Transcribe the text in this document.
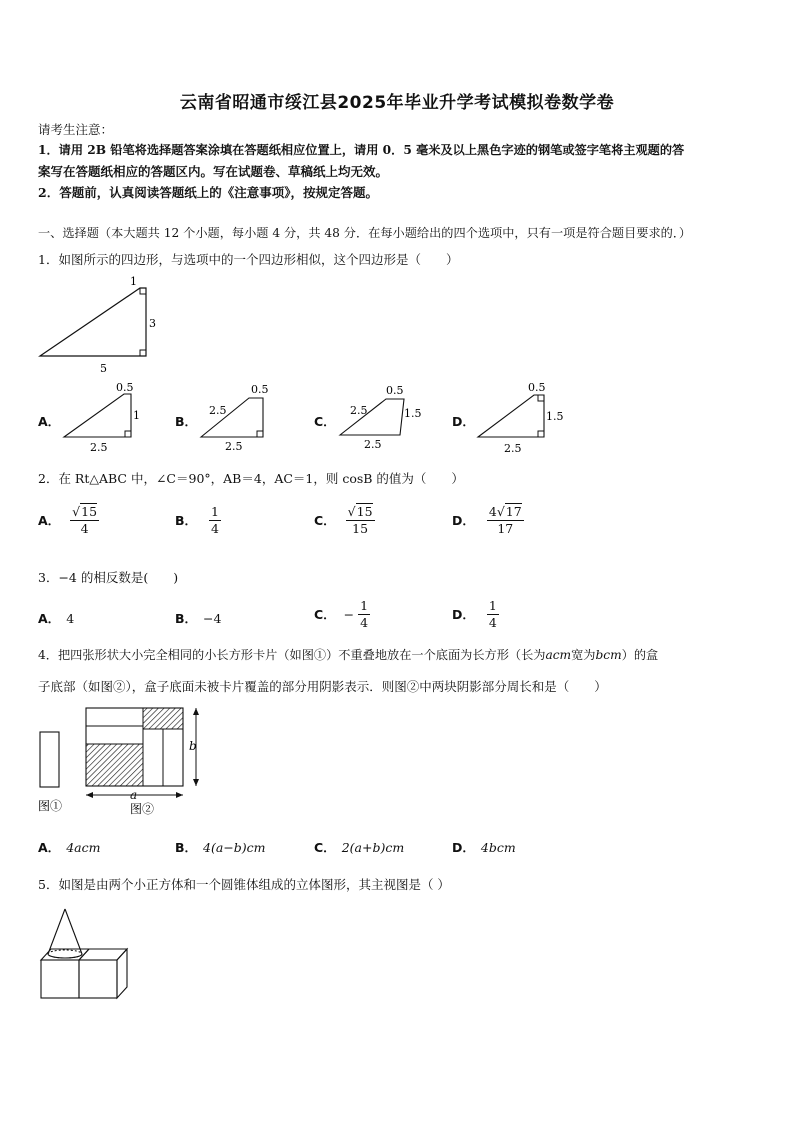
云南省昭通市绥江县2025年毕业升学考试模拟卷数学卷
请考生注意：
1．请用 2B 铅笔将选择题答案涂填在答题纸相应位置上，请用 0．5 毫米及以上黑色字迹的钢笔或签字笔将主观题的答
案写在答题纸相应的答题区内。写在试题卷、草稿纸上均无效。
2．答题前，认真阅读答题纸上的《注意事项》，按规定答题。
一、选择题（本大题共 12 个小题，每小题 4 分，共 48 分．在每小题给出的四个选项中，只有一项是符合题目要求的．）
1．如图所示的四边形，与选项中的一个四边形相似，这个四边形是（　　）
1
3
5
A．
0.5
1
2.5
B．
0.5
2.5
2.5
C．
0.5
2.5	1.5
2.5
D．
0.5
1.5
2.5
2．在 Rt△ABC 中，∠C＝90°，AB＝4，AC＝1，则 cosB 的值为（　　）
A． $\frac{√15}{4}$	B． $\frac{1}{4}$	C． $\frac{√15}{15}$	D． $\frac{4√17}{17}$
3．−4 的相反数是(　　)
A． 4	B． −4	C． − $\frac{1}{4}$	D． $\frac{1}{4}$
4．把四张形状大小完全相同的小长方形卡片（如图①）不重叠地放在一个底面为长方形（长为acm宽为bcm）的盒
子底部（如图②），盒子底面未被卡片覆盖的部分用阴影表示．则图②中两块阴影部分周长和是（　　）
图①
b
a
图②
A． 4acm	B． 4(a−b)cm	C． 2(a+b)cm	D． 4bcm
5．如图是由两个小正方体和一个圆锥体组成的立体图形，其主视图是（ ）
